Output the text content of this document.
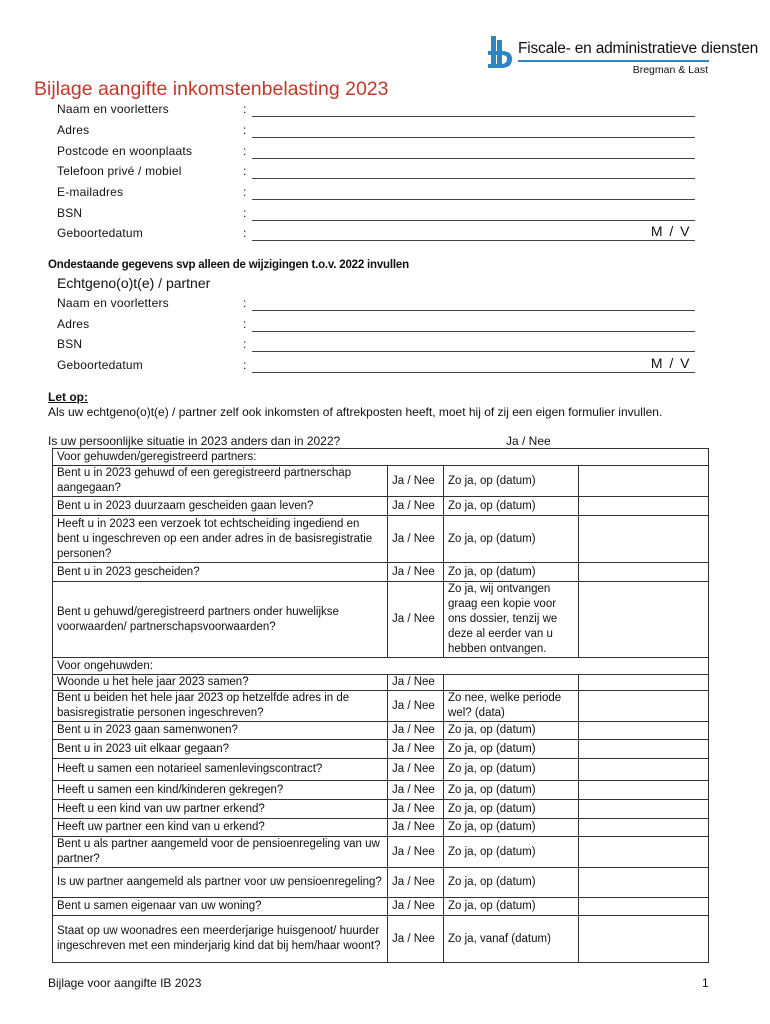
Fiscale- en administratieve diensten
Bregman & Last
Bijlage aangifte inkomstenbelasting 2023
Naam en voorletters	:
Adres	:
Postcode en woonplaats	:
Telefoon privé / mobiel	:
E-mailadres	:
BSN	:
Geboortedatum	:	M / V
Ondestaande gegevens svp alleen de wijzigingen t.o.v. 2022 invullen
Echtgeno(o)t(e) / partner
Naam en voorletters	:
Adres	:
BSN	:
Geboortedatum	:	M / V
Let op:
Als uw echtgeno(o)t(e) / partner zelf ook inkomsten of aftrekposten heeft, moet hij of zij een eigen formulier invullen.
Is uw persoonlijke situatie in 2023 anders dan in 2022?	Ja / Nee
Voor gehuwden/geregistreerd partners:			
Bent u in 2023 gehuwd of een geregistreerd partnerschap aangegaan?	Ja / Nee	Zo ja, op (datum)	
Bent u in 2023 duurzaam gescheiden gaan leven?	Ja / Nee	Zo ja, op (datum)	
Heeft u in 2023 een verzoek tot echtscheiding ingediend en bent u ingeschreven op een ander adres in de basisregistratie personen?	Ja / Nee	Zo ja, op (datum)	
Bent u in 2023 gescheiden?	Ja / Nee	Zo ja, op (datum)	
Bent u gehuwd/geregistreerd partners onder huwelijkse voorwaarden/ partnerschapsvoorwaarden?	Ja / Nee	Zo ja, wij ontvangen graag een kopie voor ons dossier, tenzij we deze al eerder van u hebben ontvangen.	
Voor ongehuwden:			
Woonde u het hele jaar 2023 samen?	Ja / Nee		
Bent u beiden het hele jaar 2023 op hetzelfde adres in de basisregistratie personen ingeschreven?	Ja / Nee	Zo nee, welke periode wel? (data)	
Bent u in 2023 gaan samenwonen?	Ja / Nee	Zo ja, op (datum)	
Bent u in 2023 uit elkaar gegaan?	Ja / Nee	Zo ja, op (datum)	
Heeft u samen een notarieel samenlevingscontract?	Ja / Nee	Zo ja, op (datum)	
Heeft u samen een kind/kinderen gekregen?	Ja / Nee	Zo ja, op (datum)	
Heeft u een kind van uw partner erkend?	Ja / Nee	Zo ja, op (datum)	
Heeft uw partner een kind van u erkend?	Ja / Nee	Zo ja, op (datum)	
Bent u als partner aangemeld voor de pensioenregeling van uw partner?	Ja / Nee	Zo ja, op (datum)	
Is uw partner aangemeld als partner voor uw pensioenregeling?	Ja / Nee	Zo ja, op (datum)	
Bent u samen eigenaar van uw woning?	Ja / Nee	Zo ja, op (datum)	
Staat op uw woonadres een meerderjarige huisgenoot/ huurder ingeschreven met een minderjarig kind dat bij hem/haar woont?	Ja / Nee	Zo ja, vanaf (datum)	
Bijlage voor aangifte IB 2023	1
